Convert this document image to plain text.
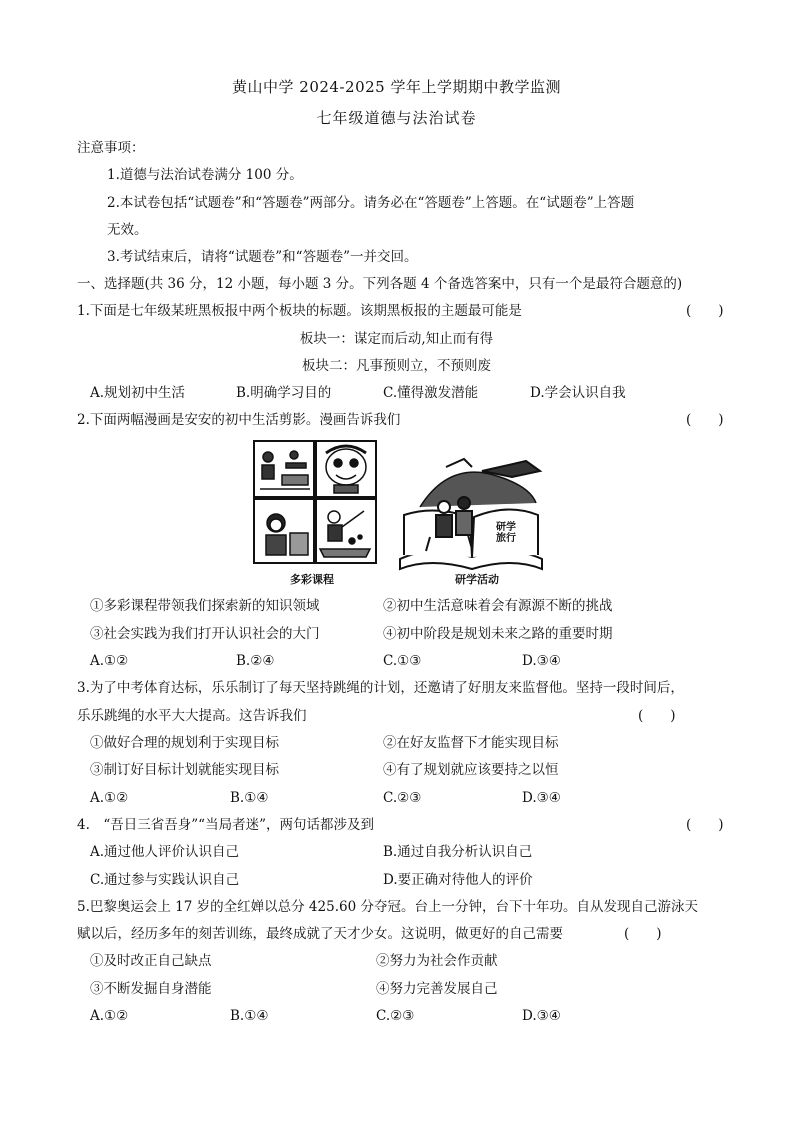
黄山中学 2024-2025 学年上学期期中教学监测
七年级道德与法治试卷
注意事项：
1.道德与法治试卷满分 100 分。
2.本试卷包括“试题卷”和“答题卷”两部分。请务必在“答题卷”上答题。在“试题卷”上答题
无效。
3.考试结束后，请将“试题卷”和“答题卷”一并交回。
一、选择题(共 36 分，12 小题，每小题 3 分。下列各题 4 个备选答案中，只有一个是最符合题意的)
1.下面是七年级某班黑板报中两个板块的标题。该期黑板报的主题最可能是	(　　)
板块一：谋定而后动,知止而有得
板块二：凡事预则立，不预则废
A.规划初中生活	B.明确学习目的	C.懂得激发潜能	D.学会认识自我
2.下面两幅漫画是安安的初中生活剪影。漫画告诉我们	(　　)
研学
旅行
多彩课程	研学活动
①多彩课程带领我们探索新的知识领域	②初中生活意味着会有源源不断的挑战
③社会实践为我们打开认识社会的大门	④初中阶段是规划未来之路的重要时期
A.①②	B.②④	C.①③	D.③④
3.为了中考体育达标，乐乐制订了每天坚持跳绳的计划，还邀请了好朋友来监督他。坚持一段时间后，
乐乐跳绳的水平大大提高。这告诉我们	(　　)
①做好合理的规划利于实现目标	②在好友监督下才能实现目标
③制订好目标计划就能实现目标	④有了规划就应该要持之以恒
A.①②	B.①④	C.②③	D.③④
4.　“吾日三省吾身”“当局者迷”，两句话都涉及到	(　　)
A.通过他人评价认识自己	B.通过自我分析认识自己
C.通过参与实践认识自己	D.要正确对待他人的评价
5.巴黎奥运会上 17 岁的全红婵以总分 425.60 分夺冠。台上一分钟，台下十年功。自从发现自己游泳天
赋以后，经历多年的刻苦训练，最终成就了天才少女。这说明，做更好的自己需要	(　　)
①及时改正自己缺点	②努力为社会作贡献
③不断发掘自身潜能	④努力完善发展自己
A.①②	B.①④	C.②③	D.③④
